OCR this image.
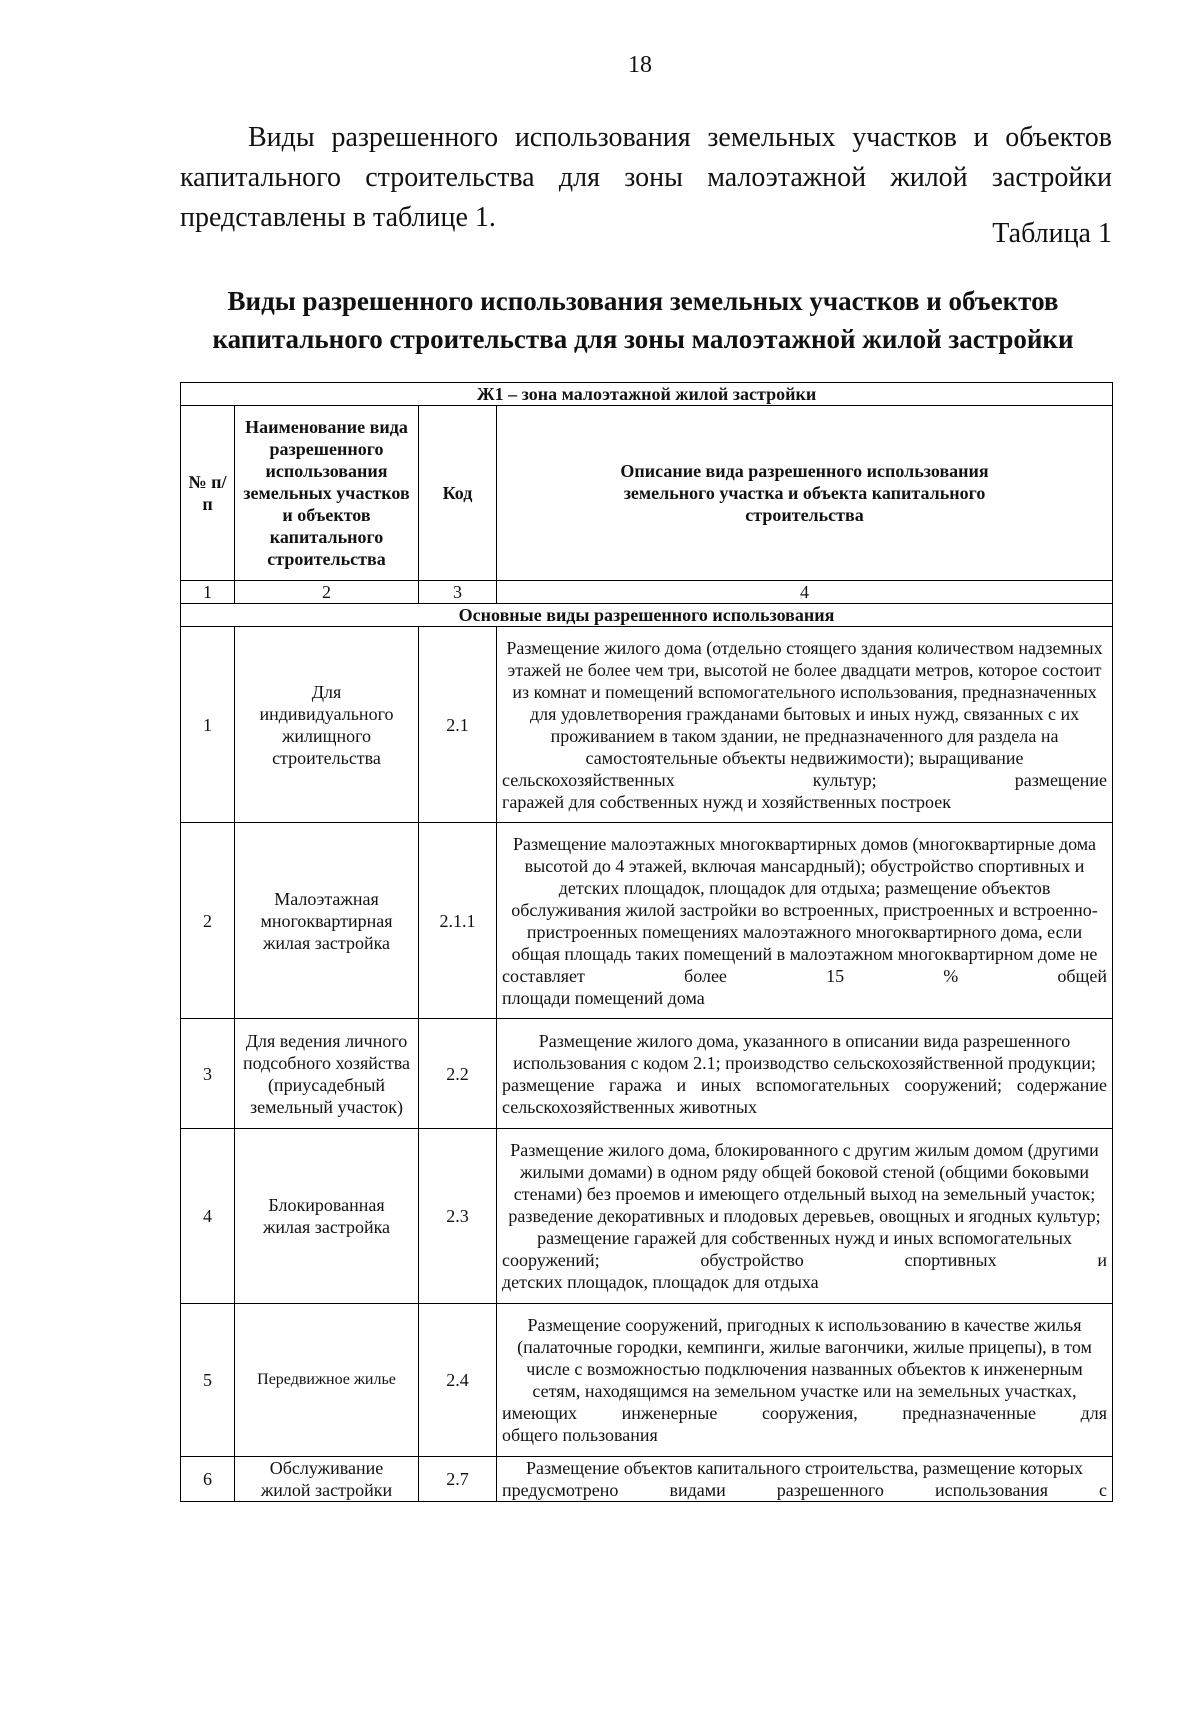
18

Виды разрешенного использования земельных участков и объектов капитального строительства для зоны малоэтажной жилой застройки представлены в таблице 1.

Таблица 1
Виды разрешенного использования земельных участков и объектов
капитального строительства для зоны малоэтажной жилой застройки
Ж1 – зона малоэтажной жилой застройки			
№ п/п	Наименование вида разрешенного использования земельных участков и объектов капитального строительства	Код	Описание вида разрешенного использования земельного участка и объекта капитального строительства
1	2	3	4
Основные виды разрешенного использования			
1	Для индивидуального жилищного строительства	2.1	Размещение жилого дома (отдельно стоящего здания количеством надземных этажей не более чем три, высотой не более двадцати метров, которое состоит из комнат и помещений вспомогательного использования, предназначенных для удовлетворения гражданами бытовых и иных нужд, связанных с их проживанием в таком здании, не предназначенного для раздела на самостоятельные объекты недвижимости); выращивание сельскохозяйственных культур; размещение
гаражей для собственных нужд и хозяйственных построек

2	Малоэтажная многоквартирная жилая застройка	2.1.1	Размещение малоэтажных многоквартирных домов (многоквартирные дома высотой до 4 этажей, включая мансардный); обустройство спортивных и детских площадок, площадок для отдыха; размещение объектов обслуживания жилой застройки во встроенных, пристроенных и встроенно-пристроенных помещениях малоэтажного многоквартирного дома, если общая площадь таких помещений в малоэтажном многоквартирном доме не составляет более 15 % общей
площади помещений дома

3	Для ведения личного подсобного хозяйства (приусадебный земельный участок)	2.2	Размещение жилого дома, указанного в описании вида разрешенного использования с кодом 2.1; производство сельскохозяйственной продукции; размещение гаража и иных вспомогательных сооружений; содержание
сельскохозяйственных животных

4	Блокированная жилая застройка	2.3	Размещение жилого дома, блокированного с другим жилым домом (другими жилыми домами) в одном ряду общей боковой стеной (общими боковыми стенами) без проемов и имеющего отдельный выход на земельный участок; разведение декоративных и плодовых деревьев, овощных и ягодных культур; размещение гаражей для собственных нужд и иных вспомогательных сооружений; обустройство спортивных и
детских площадок, площадок для отдыха

5	Передвижное жилье	2.4	Размещение сооружений, пригодных к использованию в качестве жилья (палаточные городки, кемпинги, жилые вагончики, жилые прицепы), в том числе с возможностью подключения названных объектов к инженерным сетям, находящимся на земельном участке или на земельных участках, имеющих инженерные сооружения, предназначенные для
общего пользования

6	Обслуживание жилой застройки	2.7	Размещение объектов капитального строительства, размещение которых предусмотрено видами разрешенного использования с
